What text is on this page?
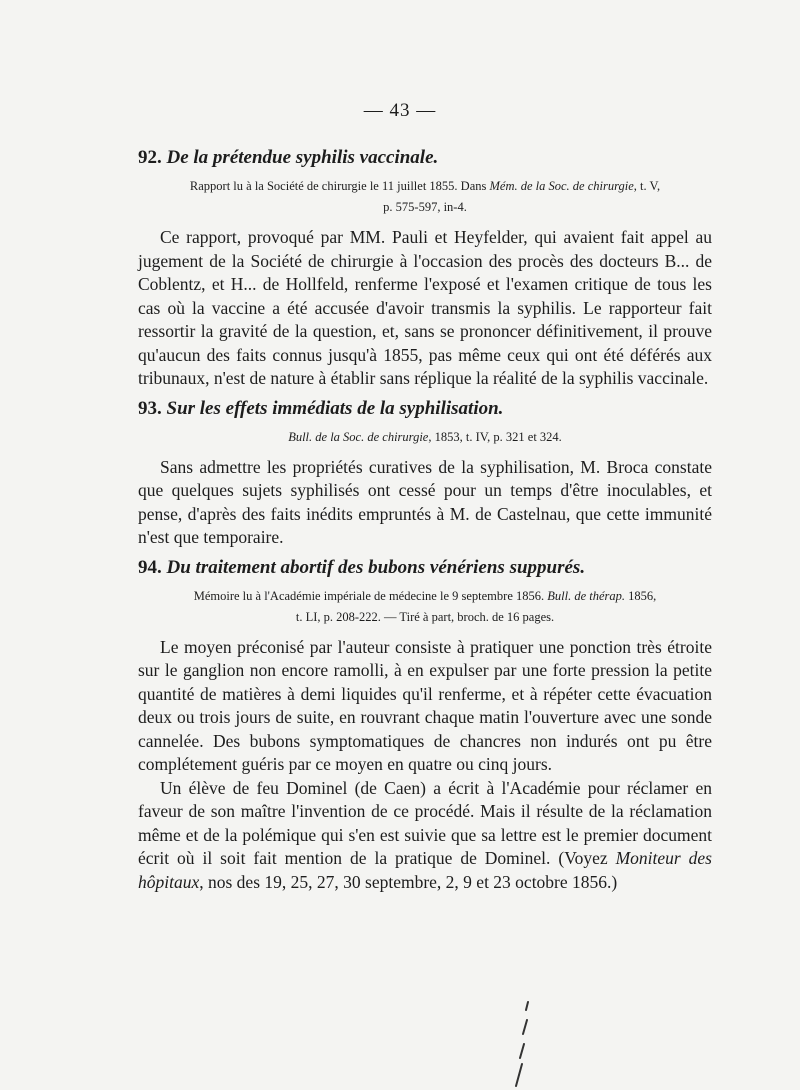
— 43 —
92. De la prétendue syphilis vaccinale.
Rapport lu à la Société de chirurgie le 11 juillet 1855. Dans Mém. de la Soc. de chirurgie, t. V,
p. 575-597, in-4.

Ce rapport, provoqué par MM. Pauli et Heyfelder, qui avaient fait appel au jugement de la Société de chirurgie à l'occasion des procès des docteurs B... de Coblentz, et H... de Hollfeld, renferme l'exposé et l'examen critique de tous les cas où la vaccine a été accusée d'avoir transmis la syphilis. Le rapporteur fait ressortir la gravité de la question, et, sans se prononcer définitivement, il prouve qu'aucun des faits connus jusqu'à 1855, pas même ceux qui ont été déférés aux tribunaux, n'est de nature à établir sans réplique la réalité de la syphilis vaccinale.

93. Sur les effets immédiats de la syphilisation.
Bull. de la Soc. de chirurgie, 1853, t. IV, p. 321 et 324.

Sans admettre les propriétés curatives de la syphilisation, M. Broca constate que quelques sujets syphilisés ont cessé pour un temps d'être inoculables, et pense, d'après des faits inédits empruntés à M. de Castelnau, que cette immunité n'est que temporaire.

94. Du traitement abortif des bubons vénériens suppurés.
Mémoire lu à l'Académie impériale de médecine le 9 septembre 1856. Bull. de thérap. 1856,
t. LI, p. 208-222. — Tiré à part, broch. de 16 pages.

Le moyen préconisé par l'auteur consiste à pratiquer une ponction très étroite sur le ganglion non encore ramolli, à en expulser par une forte pression la petite quantité de matières à demi liquides qu'il renferme, et à répéter cette évacuation deux ou trois jours de suite, en rouvrant chaque matin l'ouverture avec une sonde cannelée. Des bubons symptomatiques de chancres non indurés ont pu être complétement guéris par ce moyen en quatre ou cinq jours.

Un élève de feu Dominel (de Caen) a écrit à l'Académie pour réclamer en faveur de son maître l'invention de ce procédé. Mais il résulte de la réclamation même et de la polémique qui s'en est suivie que sa lettre est le premier document écrit où il soit fait mention de la pratique de Dominel. (Voyez Moniteur des hôpitaux, nos des 19, 25, 27, 30 septembre, 2, 9 et 23 octobre 1856.)
